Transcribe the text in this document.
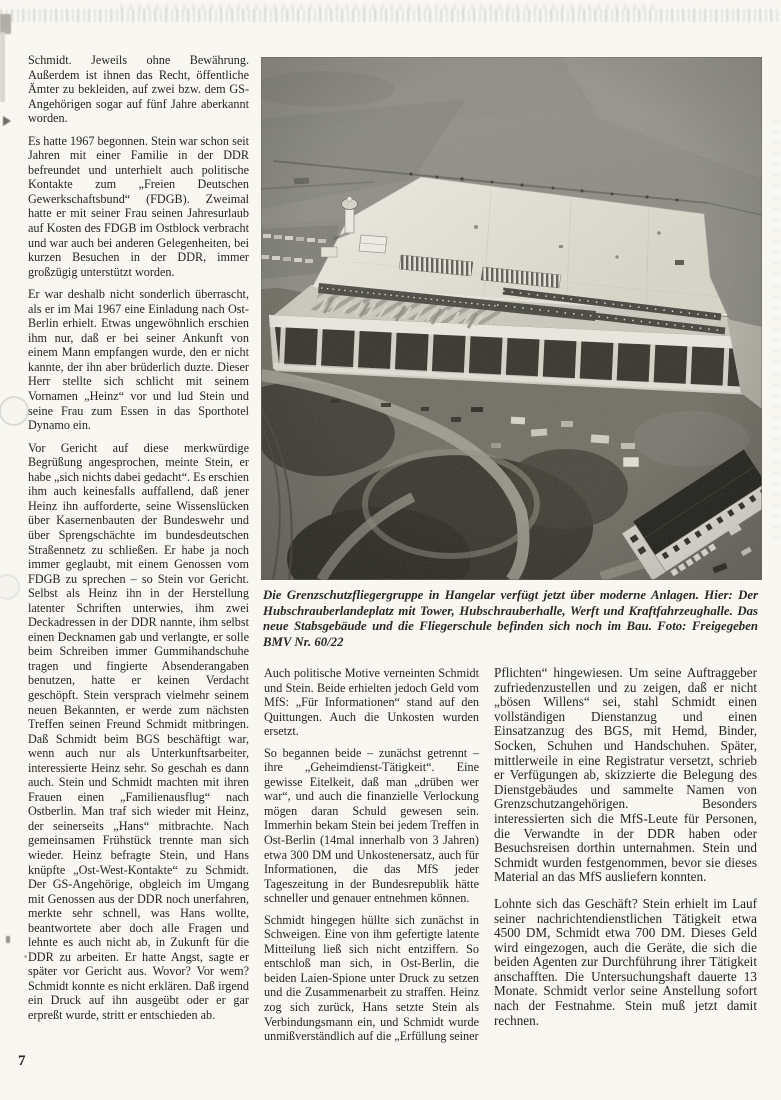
Schmidt. Jeweils ohne Bewährung. Außerdem ist ihnen das Recht, öffentliche Ämter zu bekleiden, auf zwei bzw. dem GS-Angehörigen sogar auf fünf Jahre aberkannt worden.

Es hatte 1967 begonnen. Stein war schon seit Jahren mit einer Familie in der DDR befreundet und unterhielt auch politische Kontakte zum „Freien Deutschen Gewerkschaftsbund“ (FDGB). Zweimal hatte er mit seiner Frau seinen Jahresurlaub auf Kosten des FDGB im Ostblock verbracht und war auch bei anderen Gelegenheiten, bei kurzen Besuchen in der DDR, immer großzügig unterstützt worden.

Er war deshalb nicht sonderlich überrascht, als er im Mai 1967 eine Einladung nach Ost-Berlin erhielt. Etwas ungewöhnlich erschien ihm nur, daß er bei seiner Ankunft von einem Mann empfangen wurde, den er nicht kannte, der ihn aber brüderlich duzte. Dieser Herr stellte sich schlicht mit seinem Vornamen „Heinz“ vor und lud Stein und seine Frau zum Essen in das Sporthotel Dynamo ein.

Vor Gericht auf diese merkwürdige Begrüßung angesprochen, meinte Stein, er habe „sich nichts dabei gedacht“. Es erschien ihm auch keinesfalls auffallend, daß jener Heinz ihn aufforderte, seine Wissenslücken über Kasernenbauten der Bundeswehr und über Sprengschächte im bundesdeutschen Straßennetz zu schließen. Er habe ja noch immer geglaubt, mit einem Genossen vom FDGB zu sprechen – so Stein vor Gericht. Selbst als Heinz ihn in der Herstellung latenter Schriften unterwies, ihm zwei Deckadressen in der DDR nannte, ihm selbst einen Decknamen gab und verlangte, er solle beim Schreiben immer Gummihandschuhe tragen und fingierte Absenderangaben benutzen, hatte er keinen Verdacht geschöpft. Stein versprach vielmehr seinem neuen Bekannten, er werde zum nächsten Treffen seinen Freund Schmidt mitbringen. Daß Schmidt beim BGS beschäftigt war, wenn auch nur als Unterkunftsarbeiter, interessierte Heinz sehr. So geschah es dann auch. Stein und Schmidt machten mit ihren Frauen einen „Familienausflug“ nach Ostberlin. Man traf sich wieder mit Heinz, der seinerseits „Hans“ mitbrachte. Nach gemeinsamen Frühstück trennte man sich wieder. Heinz befragte Stein, und Hans knüpfte „Ost-West-Kontakte“ zu Schmidt. Der GS-Angehörige, obgleich im Umgang mit Genossen aus der DDR noch unerfahren, merkte sehr schnell, was Hans wollte, beantwortete aber doch alle Fragen und lehnte es auch nicht ab, in Zukunft für die DDR zu arbeiten. Er hatte Angst, sagte er später vor Gericht aus. Wovor? Vor wem? Schmidt konnte es nicht erklären. Daß irgend ein Druck auf ihn ausgeübt oder er gar erpreßt wurde, stritt er entschieden ab.

Die Grenzschutzfliegergruppe in Hangelar verfügt jetzt über moderne Anlagen. Hier: Der Hubschrauberlandeplatz mit Tower, Hubschrauberhalle, Werft und Kraftfahrzeughalle. Das neue Stabsgebäude und die Fliegerschule befinden sich noch im Bau. Foto: Freigegeben BMV Nr. 60/22

Auch politische Motive verneinten Schmidt und Stein. Beide erhielten jedoch Geld vom MfS: „Für Informationen“ stand auf den Quittungen. Auch die Unkosten wurden ersetzt.

So begannen beide – zunächst getrennt – ihre „Geheimdienst-Tätigkeit“. Eine gewisse Eitelkeit, daß man „drüben wer war“, und auch die finanzielle Verlockung mögen daran Schuld gewesen sein. Immerhin bekam Stein bei jedem Treffen in Ost-Berlin (14mal innerhalb von 3 Jahren) etwa 300 DM und Unkostenersatz, auch für Informationen, die das MfS jeder Tageszeitung in der Bundesrepublik hätte schneller und genauer entnehmen können.

Schmidt hingegen hüllte sich zunächst in Schweigen. Eine von ihm gefertigte latente Mitteilung ließ sich nicht entziffern. So entschloß man sich, in Ost-Berlin, die beiden Laien-Spione unter Druck zu setzen und die Zusammenarbeit zu straffen. Heinz zog sich zurück, Hans setzte Stein als Verbindungsmann ein, und Schmidt wurde unmißverständlich auf die „Erfüllung seiner

Pflichten“ hingewiesen. Um seine Auftraggeber zufriedenzustellen und zu zeigen, daß er nicht „bösen Willens“ sei, stahl Schmidt einen vollständigen Dienstanzug und einen Einsatzanzug des BGS, mit Hemd, Binder, Socken, Schuhen und Handschuhen. Später, mittlerweile in eine Registratur versetzt, schrieb er Verfügungen ab, skizzierte die Belegung des Dienstgebäudes und sammelte Namen von Grenzschutzangehörigen. Besonders interessierten sich die MfS-Leute für Personen, die Verwandte in der DDR haben oder Besuchsreisen dorthin unternahmen. Stein und Schmidt wurden festgenommen, bevor sie dieses Material an das MfS ausliefern konnten.

Lohnte sich das Geschäft? Stein erhielt im Lauf seiner nachrichtendienstlichen Tätigkeit etwa 4500 DM, Schmidt etwa 700 DM. Dieses Geld wird eingezogen, auch die Geräte, die sich die beiden Agenten zur Durchführung ihrer Tätigkeit anschafften. Die Untersuchungshaft dauerte 13 Monate. Schmidt verlor seine Anstellung sofort nach der Festnahme. Stein muß jetzt damit rechnen.

7
